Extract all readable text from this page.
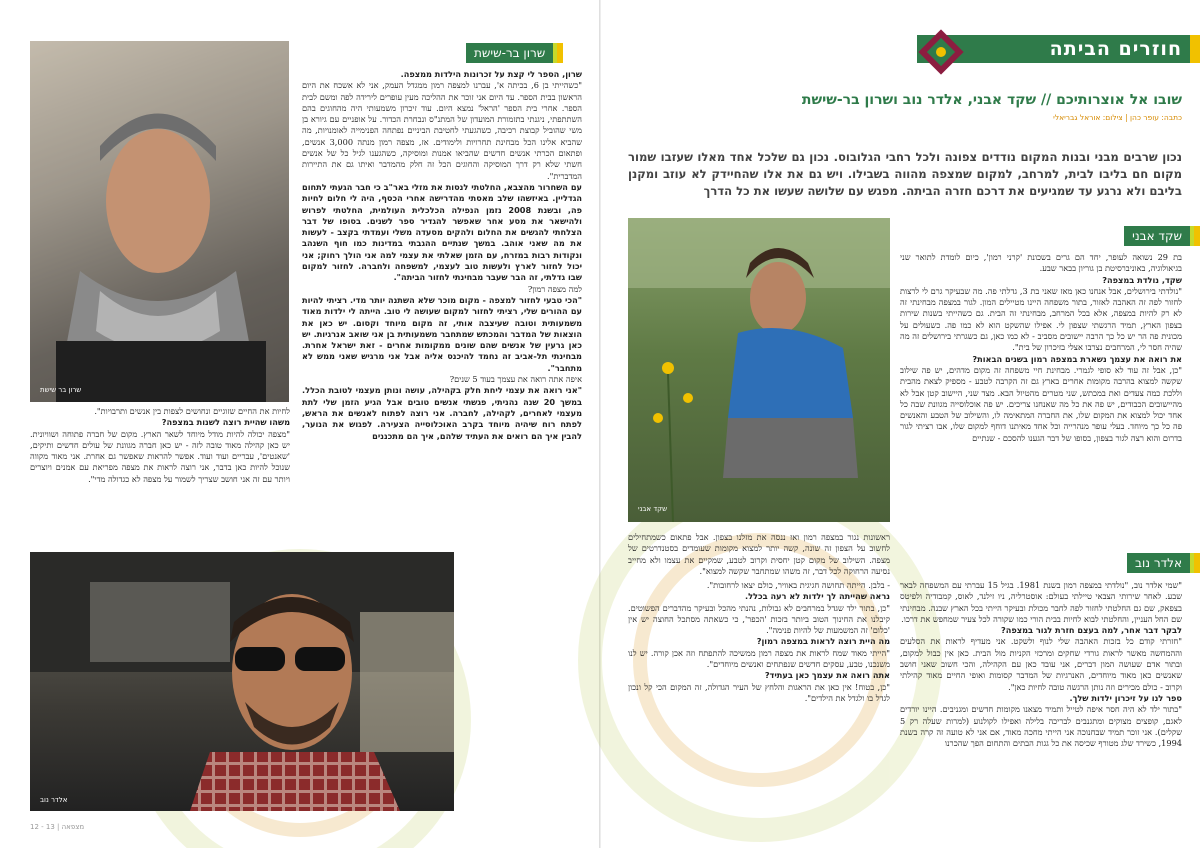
שרון בר שישת
שרון בר-שישת

שרון, הספר לי קצת על זכרונות הילדות ממצפה.
"כשהייתי בן 6, בכיתה א', עברנו למצפה רמון ממגדל העמק, אני לא אשכח את היום הראשון בבית הספר. עד היום אני זוכר את ההליכה מעין עופרים לירידה לפה ומשם לבית הספר. אחרי בית הספר 'הראל' נמצא היום. עוד זיכרון משמעותי היה מהחוגים בהם השתתפתי, ניגנתי בתזמורת המועדון של המתנ"ס ונבחרת הכדור. על אופניים עם גיורא בן משי שהוביל קבוצת רכיבה, כשהגעתי לחטיבת הביניים נפתחה הפנימייה לאומנויות, מה שהביא אלינו הכל מבחינת תחרויות ולימודים. אז, מצפה רמון מנתה 3,000 אנשים, ופתאום הכרתי אנשים חדשים שהביאו אמנות ומוסיקה, כשהגענו לגיל כל של אנשים חשתי שלא רק דרך המוסיקה והחוגים הכל זה חלק מהמדבר ואיתו גם את התיירות המדברית".
עם השחרור מהצבא, החלטתי לנסות את מזלי באר"ב כי חבר הגעתי לתחום הגדליין. באיזשהו שלב מאסתי מהדרישה אחרי הכסף, היה לי חלום לחיות פה, ובשנת 2008 נזמן הנפילה הכלכלית העולמית, החלטתי לפרוש ולהישאר את מסע אחר שאפשר להגדיר ספר לשנים. בסופו של דבר הצלחתי להגשים את החלום ולהקים מסעדה משלי ועמדתי בקצב - לעשות את מה שאני אוהב. במשך שנתיים ההגבתי במדינות כמו חוף השנהב ונקודות רבות במזרח, עם הזמן שאלתי את עצמי למה אני הולך רחוק; אני יכול לחזור לארץ ולעשות טוב לעצמי, למשפחה ולחברה. לחזור למקום שבו גדלתי, זה הבר שעבר מבחינתי לחזור הביתה".
למה מצפה רמון?
"הכי טבעי לחזור למצפה - מקום מוכר שלא השתנה יותר מדי. רציתי להיות עם ההורים שלי, רציתי לחזור למקום שעושה לי טוב. הייתה לי ילדות מאוד משמעותית וטובה שעיצבה אותי, זה מקום מיוחד וקסום. יש כאן את הוצאות של המדבר והמכתש שמתחבר משמעותית בן אני שואב אנרגיות. יש כאן גרעין של אנשים שהם שונים ממקומות אחרים - זאת ישראל אחרת. מבחינתי תל-אביב זה נחמד להיכנס אליה אבל אני מרגיש שאני ממש לא מתחבר".
איפה אתה רואה את עצמך בעוד 5 שנים?
"אני רואה את עצמי ליחת חלק בקהילה, עושה ונותן מעצמי לטובת הכלל. במשך 20 שנה נהניתי, פגשתי אנשים טובים אבל הגיע הזמן שלי לתת מעצמי לאחרים, לקהילה, לחברה. אני רוצה לפתוח לאנשים את הראש, לפתח רוח שיהיה מיוחד בקרב האוכלוסייה הצעירה. לפגוש את הנוער, להבין איך הם רואים את העתיד שלהם, איך הם מתכננים

לחיות את החיים שזוגיים ונחושים לצפות בין אנשים ותרבויות".
משהו שהיית רוצה לשנות במצפה?
"מצפה יכולה להיות מודל מיוחד לשאר הארץ. מקום של חברה פתוחה ושוויונית. יש כאן קהילה מאוד טובה לזה - יש כאן חברה מגוונת של עולים חדשים ותיקים, 'שאנטים', עבריים ועוד ועוד. אפשר להראות שאפשר גם אחרת. אני מאוד מקווה שנוכל להיות כאן בדבר, אני רוצה לראות את מצפה מפריאת עם אמנים ויוצרים ויותר עם זה אני חושב שצריך לשמור על מצפה לא כגדולה מדי".

אלדר נוב
12 - 13 | מצפאה
חוזרים הביתה
שובו אל אוצרותיכם // שקד אבני, אלדר נוב ושרון בר-שישת
כתבה: עופר כהן | צילום: אוראל גבריאלי
נכון שרבים מבני ובנות המקום נודדים צפונה ולכל רחבי הגלובוס. נכון גם שלכל אחד מאלו שעזבו שמור מקום חם בליבו לבית, למרחב, למקום שמצפה מהווה בשבילו. ויש גם את אלו שהחיידק לא עוזב ומקנן בליבם ולא נרגע עד שמגיעים את דרכם חזרה הביתה. מפגש עם שלושה שעשו את כל הדרך
שקד אבני
שקד אבני

בת 29 נשואה לעופר, יחד הם גרים בשכונת 'קרני רמון', כיום לומדת לתואר שני בגיאולוגיה, באוניברסיטת בן גוריון בבאר שבע.
שקד, נולדת במצפה?
"נולדתי בירושלים, אבל אנחנו כאן מאז שאני בת 3, גדלתי פה. מה שבעיקר גרם לי לרצות לחזור לפה זה האהבה לאזור, בתור משפחה היינו מטיילים המון. לגור במצפה מבחינתי זה לא רק להיות במצפה, אלא בכל המרחב, מבחינתי זה הבית. גם כשהייתי בשנות שירות בצפון הארץ, תמיד הרגשתי שצפון לי. אפילו שהשקט הוא לא כמו פה. כשעולים על מכונית פה הר יש כל כך הרבה יישובים מסביב - לא כמו כאן, גם כשגרתי בירושלים זה מה שהיה חסר לי, המרחבים נצרבו אצלי בזיכרון של בית".
את רואה את עצמך נשארת במצפה רמון בשנים הבאות?
"כן, אבל זה עוד לא סופי לגמרי. מבחינת חיי משפחה זה מקום מדהים, יש פה שילוב שקשה למצוא בהרבה מקומות אחרים בארץ גם זה הקרבה לטבע - מספיק לצאת מהבית וללכת כמה צעדים ואת במכתש, שני מטרים מהטיול הבא. מצד שני, היישוב קטן אבל לא מהיישובים הכבודים, יש פה את כל מה שאנחנו צריכים. יש פה אוכלוסייה מגוונת שבה כל אחד יכול למצוא את המקום שלו, את החברה המתאימה לו, והשילוב של הטבע והאנשים פה כל כך מיוחד. בעלי עופר מנהרייה וכל אחד מאיתנו דוחף למקום שלו, אבו רציתי לגור בדרום והוא רצה לגור בצפון, בסופו של דבר הגענו להסכם - שנתיים

ראשונות נגור במצפה רמון ואז ננסה את מזלנו בצפון. אבל פתאום כשמתחילים לחשוב על הצפון זה שונה, קשה יותר למצוא מקומות שעומדים בסטנדרטים של מצפה. השילוב של מקום קטן יחסית וקרוב לטבע, שמקיים את עצמו ולא מחייב נסיעה הרחוקה לכל דבר, זה משהו שמתחבר שקשה למצוא".

אלדר נוב

"שמי אלדר נוב, "נולדתי במצפה רמון בשנת 1981. בגיל 15 עברתי עם המשפחה לבאר שבע. לאחר שירותי הצבאי טיילתי בעולם: אוסטרליה, ניו זילנד, לאוס, קמבודיה ולפיטס בצפאק, שם גם החלטתי לחזור לפה לחבר מכולת ובעיקר הייתי בכל הארץ שבנה. מבחינתי שם החל העניין, והחלטתי לבוא לחיות בבית הורי כמו שקורה לכל צעיר שמחפש את דרכו.
לבקר דבר אחר, למה בעצם חזרת לגור במצפה?
"חזרתי קודם כל בזכות האהבה שלי לנוף ולשקט. אני מעדיף לראות את הסלעים וההמחשה מאשר לראות גורדי שחקים ומרכזי הקניות מול הבית. כאן אין כבול למקום, ובתור אדם שעושה המון דברים, אני עובד כאן עם הקהילה, והכי חשוב שאני חושב שאנשים כאן מאוד מיוחדים, האנרגיות של המדבר קסומות ואופי החיים מאוד קהילתי וקרוב - כולם מכירים וזה נותן הרגשה טובה לחיות כאן".
ספר לנו על זיכרון ילדות שלך.
"בתור ילד לא היה חסר איפה לטייל ותמיד מצאנו מקומות חדשים ומגניבים. היינו יורדים לאגם, קופצים מצוקים ומתגנבים לבריכה בלילה ואפילו לקולנוע (למרות שעלה רק 5 שקלים). אני זוכר תמיד שבחנוכה אני הייתי מחכה מאוד, אם אני לא טועה זה קרה בשנת 1994, כשירד שלג מטורף שכיסה את כל גגות הבתים והתחום הפך שהכרנו

- בלבן. הייתה תחושה חגיגית באוויר, כולם יצאו לרחובות".
נראה שהייתה לך ילדות לא רעה בכלל.
"כן, בתור ילד שגדל במרחבים לא גבולות, נהנתי מהכל ובעיקר מהדברים הפשוטים. קיבלנו את החינוך הטוב ביותר בזכות 'הכפר', כי כשאתה מסתכל החוצה יש אין 'כלום' זה המשמעות של להיות פנימה".
מה היית רוצה לראות במצפה רמון?
"הייתי מאוד שמח לראות את מצפה רמון ממשיכה להתפתח וזה אכן קורה. יש לנו משנכנו, טבע, עסקים חדשים שנפתחים ואנשים מיוחדים".
אתה רואה את עצמך כאן בעתיד?
"כן, בטוח! אין כאן את הראגות והלחץ של העיר הגדולה, זה המקום הכי קל ונכון לגדל בו ולגדל את הילדים".
